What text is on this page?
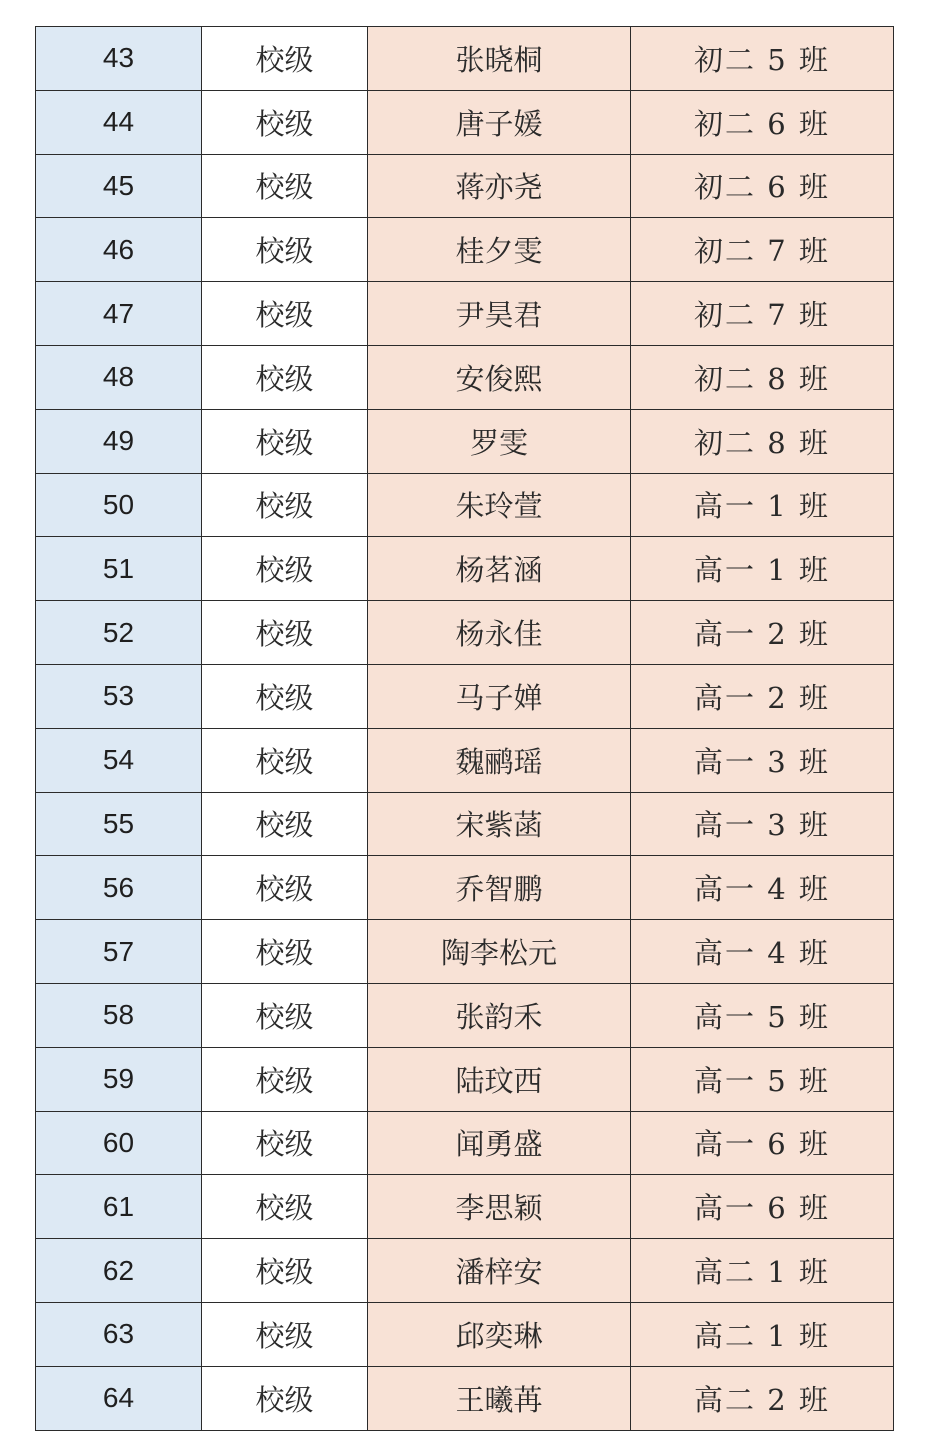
43	校级	张晓桐	初二 5 班
44	校级	唐子媛	初二 6 班
45	校级	蒋亦尧	初二 6 班
46	校级	桂夕雯	初二 7 班
47	校级	尹昊君	初二 7 班
48	校级	安俊熙	初二 8 班
49	校级	罗雯	初二 8 班
50	校级	朱玲萱	高一 1 班
51	校级	杨茗涵	高一 1 班
52	校级	杨永佳	高一 2 班
53	校级	马子婵	高一 2 班
54	校级	魏鹂瑶	高一 3 班
55	校级	宋紫菡	高一 3 班
56	校级	乔智鹏	高一 4 班
57	校级	陶李松元	高一 4 班
58	校级	张韵禾	高一 5 班
59	校级	陆玟西	高一 5 班
60	校级	闻勇盛	高一 6 班
61	校级	李思颖	高一 6 班
62	校级	潘梓安	高二 1 班
63	校级	邱奕琳	高二 1 班
64	校级	王曦苒	高二 2 班
